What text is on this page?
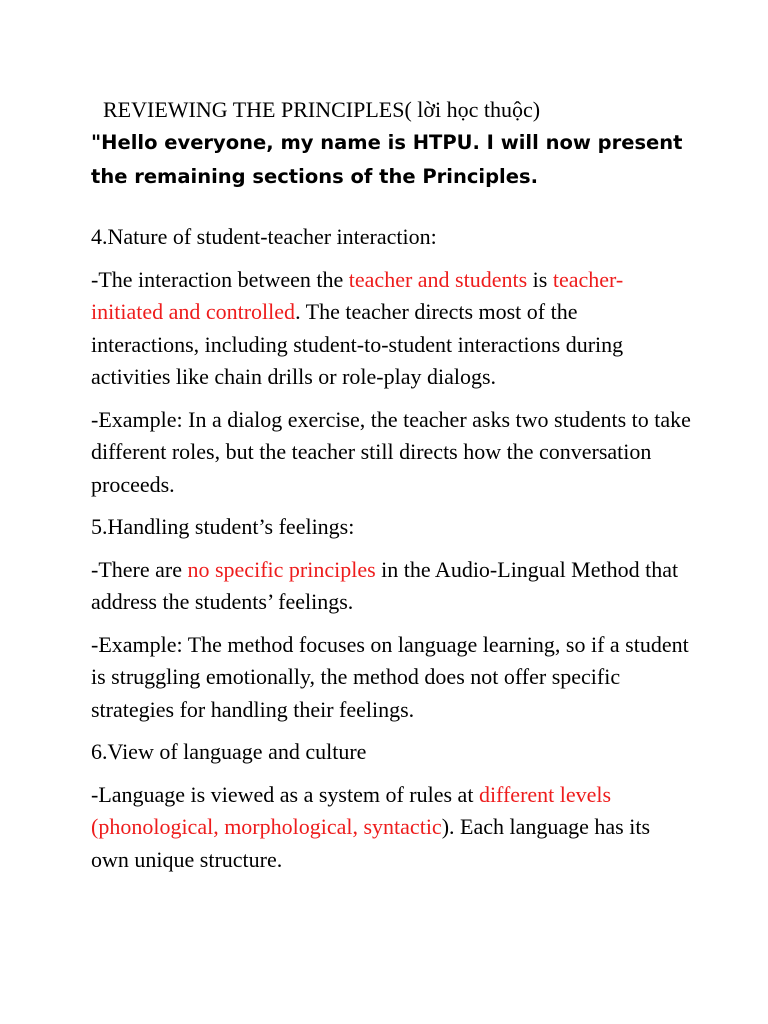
REVIEWING THE PRINCIPLES( lời học thuộc)

"Hello everyone, my name is HTPU. I will now present the remaining sections of the Principles.

4.Nature of student-teacher interaction:

-The interaction between the teacher and students is teacher-initiated and controlled. The teacher directs most of the interactions, including student-to-student interactions during activities like chain drills or role-play dialogs.

-Example: In a dialog exercise, the teacher asks two students to take different roles, but the teacher still directs how the conversation proceeds.

5.Handling student’s feelings:

-There are no specific principles in the Audio-Lingual Method that address the students’ feelings.

-Example: The method focuses on language learning, so if a student is struggling emotionally, the method does not offer specific strategies for handling their feelings.

6.View of language and culture

-Language is viewed as a system of rules at different levels (phonological, morphological, syntactic). Each language has its own unique structure.
